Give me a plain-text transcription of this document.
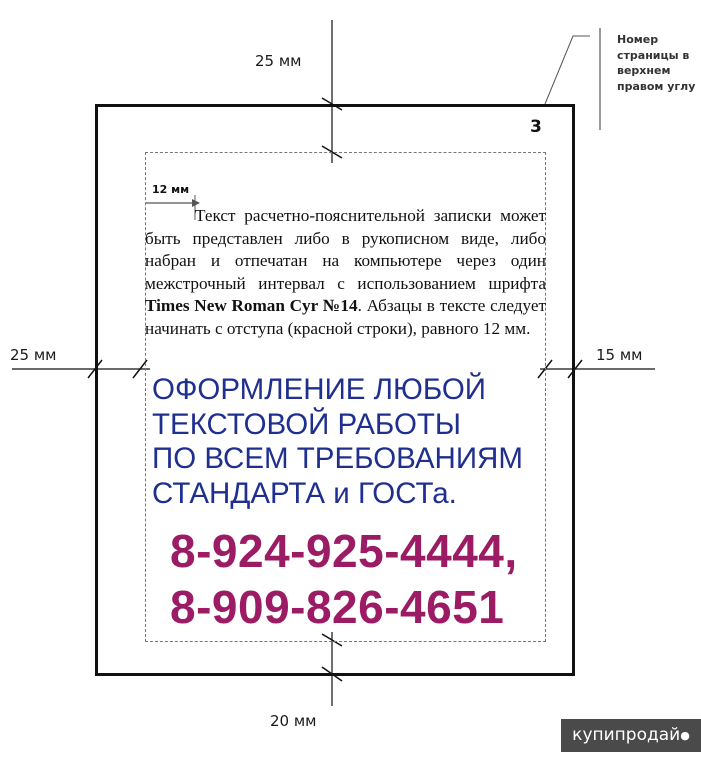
25 мм
25 мм	15 мм
20 мм
3
Номер
страницы в
верхнем
правом углу
12 мм
Текст расчетно-пояснительной записки может быть представлен либо в рукописном виде, либо набран и отпечатан на компьютере через один межстрочный интервал с использованием шрифта Times New Roman Cyr №14. Абзацы в тексте следует начинать с отступа (красной строки), равного 12 мм.
ОФОРМЛЕНИЕ ЛЮБОЙ
ТЕКСТОВОЙ РАБОТЫ
ПО ВСЕМ ТРЕБОВАНИЯМ
СТАНДАРТА и ГОСТа.
8-924-925-4444,
8-909-826-4651
купипродай●
